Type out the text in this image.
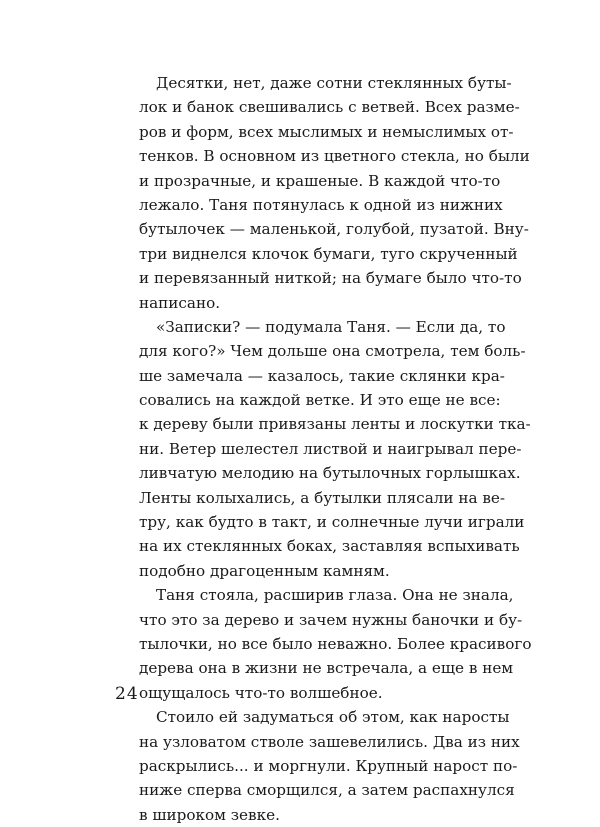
Десятки, нет, даже сотни стеклянных буты-
лок и банок свешивались с ветвей. Всех разме-
ров и форм, всех мыслимых и немыслимых от-
тенков. В основном из цветного стекла, но были
и прозрачные, и крашеные. В каждой что-то
лежало. Таня потянулась к одной из нижних
бутылочек — маленькой, голубой, пузатой. Вну-
три виднелся клочок бумаги, туго скрученный
и перевязанный ниткой; на бумаге было что-то
написано.
«Записки? — подумала Таня. — Если да, то
для кого?» Чем дольше она смотрела, тем боль-
ше замечала — казалось, такие склянки кра-
совались на каждой ветке. И это еще не все:
к дереву были привязаны ленты и лоскутки тка-
ни. Ветер шелестел листвой и наигрывал пере-
ливчатую мелодию на бутылочных горлышках.
Ленты колыхались, а бутылки плясали на ве-
тру, как будто в такт, и солнечные лучи играли
на их стеклянных боках, заставляя вспыхивать
подобно драгоценным камням.
Таня стояла, расширив глаза. Она не знала,
что это за дерево и зачем нужны баночки и бу-
тылочки, но все было неважно. Более красивого
дерева она в жизни не встречала, а еще в нем
ощущалось что-то волшебное.
Стоило ей задуматься об этом, как наросты
на узловатом стволе зашевелились. Два из них
раскрылись... и моргнули. Крупный нарост по-
ниже сперва сморщился, а затем распахнулся
в широком зевке.
24
